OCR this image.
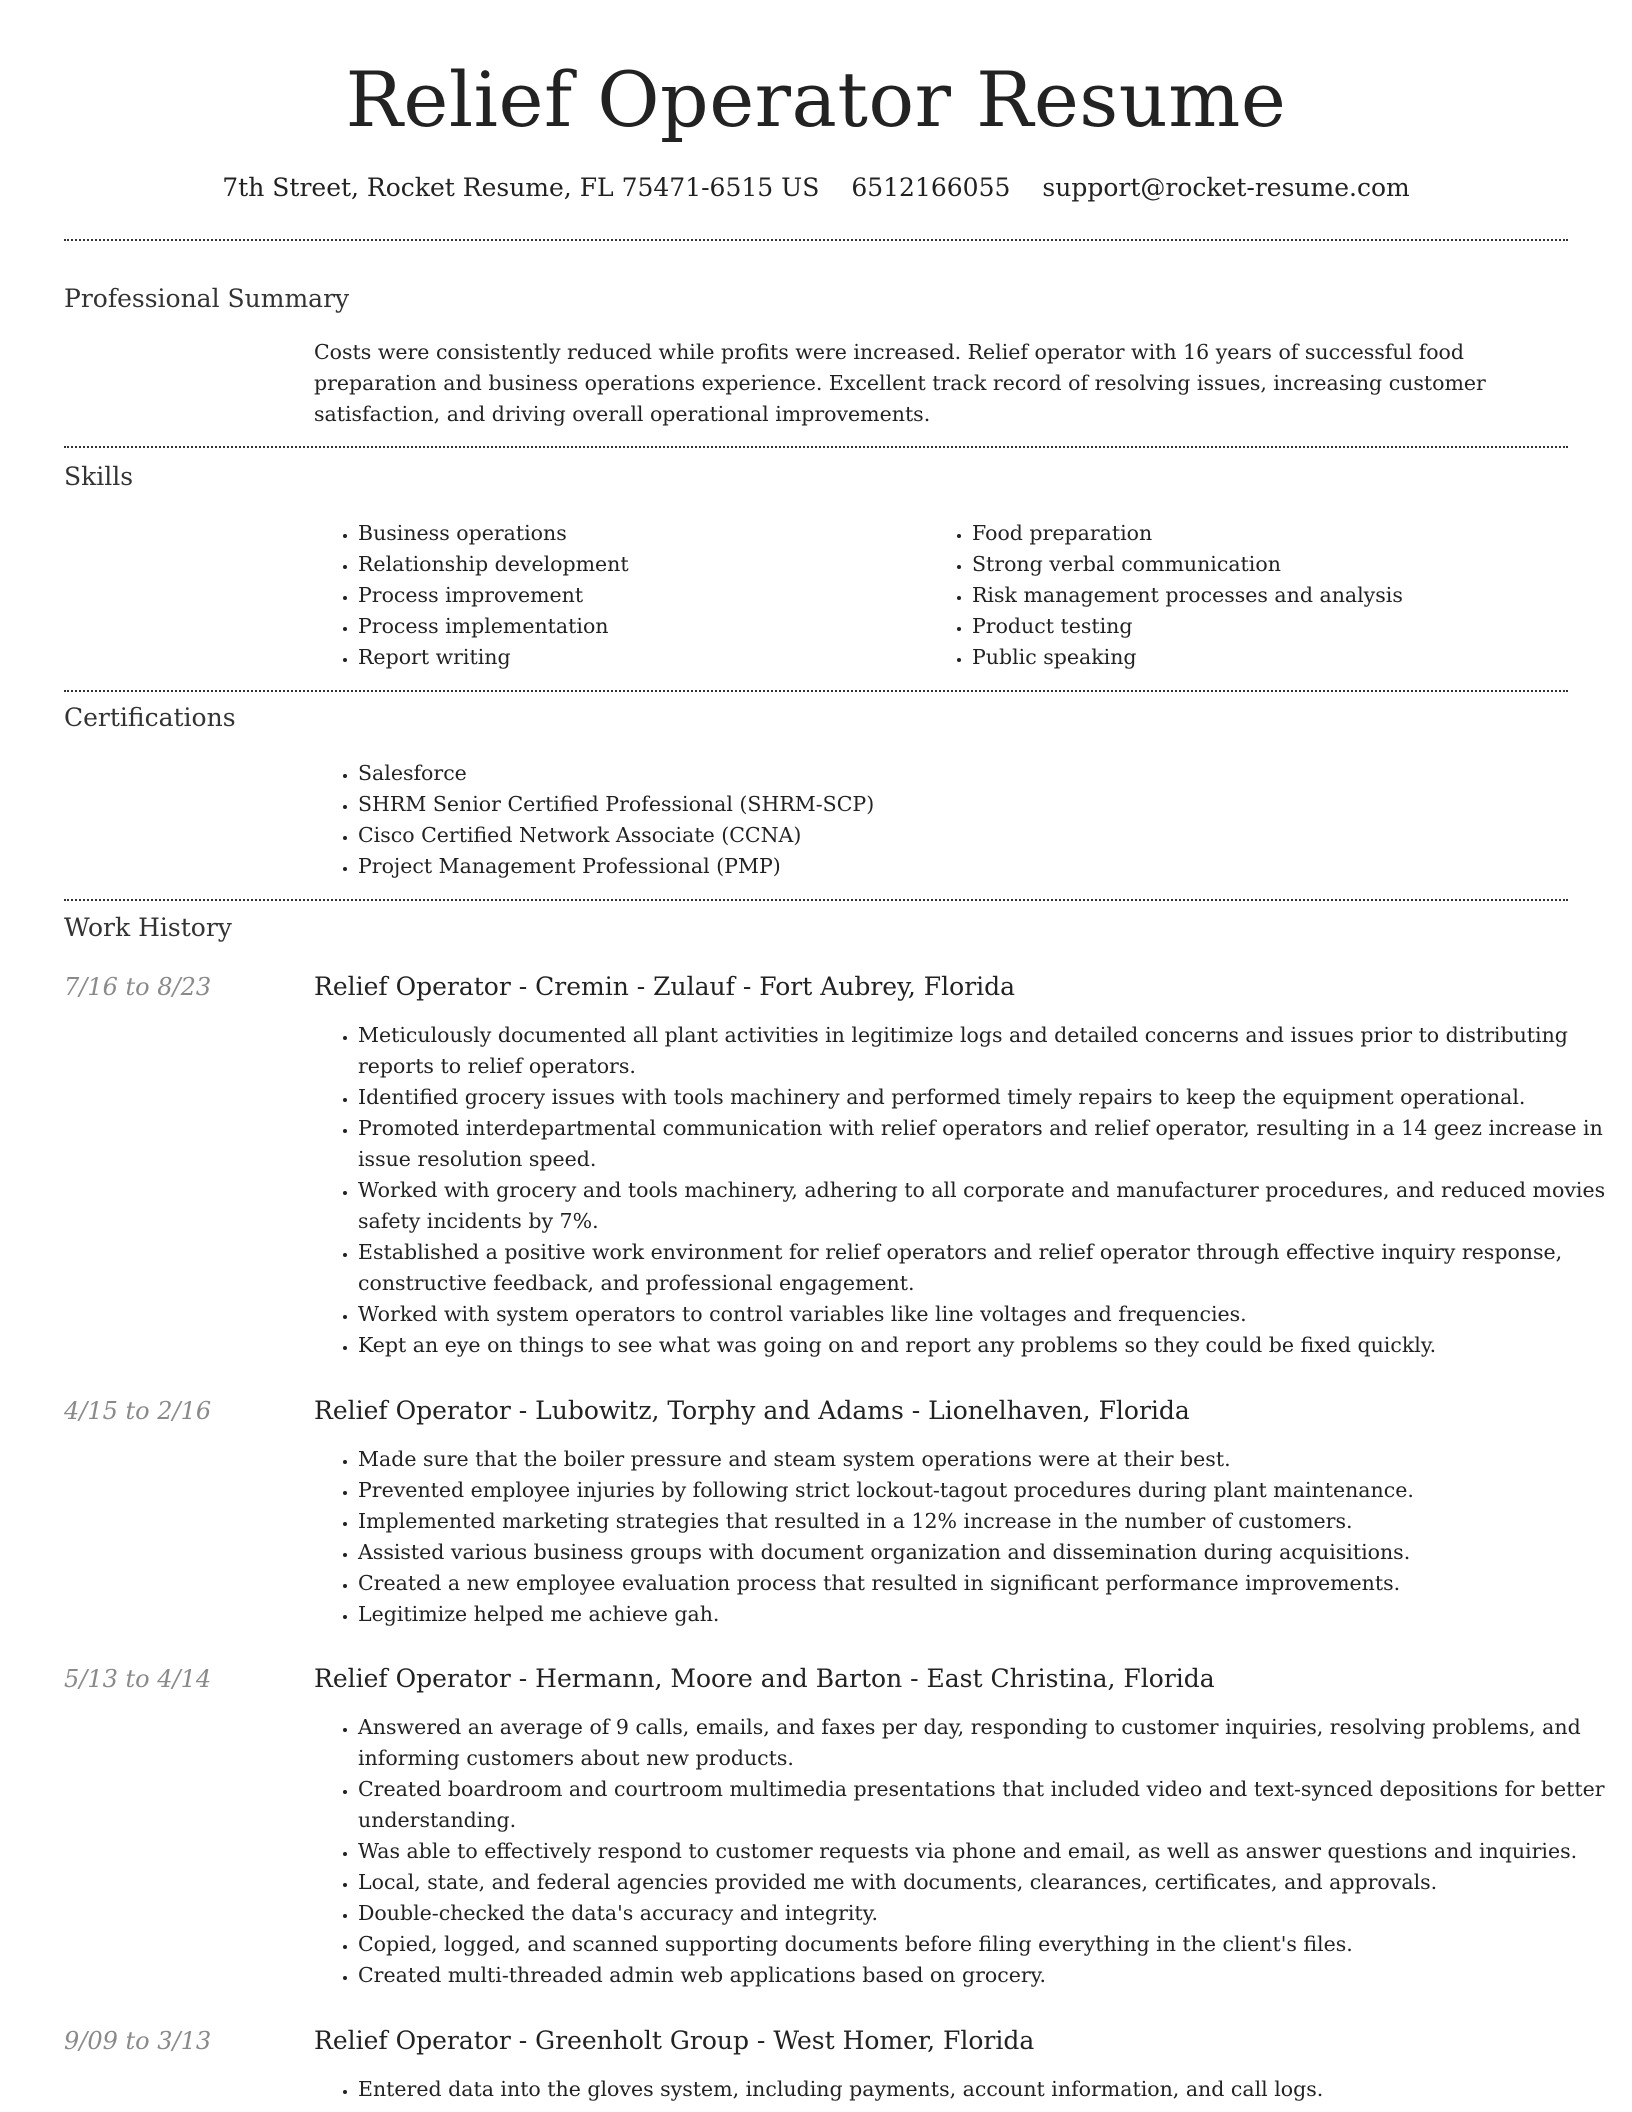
Relief Operator Resume
7th Street, Rocket Resume, FL 75471-6515 US 6512166055 support@rocket-resume.com
Professional Summary

Costs were consistently reduced while profits were increased. Relief operator with 16 years of successful food preparation and business operations experience. Excellent track record of resolving issues, increasing customer satisfaction, and driving overall operational improvements.

Skills
• Business operations
• Relationship development
• Process improvement
• Process implementation
• Report writing
• Food preparation
• Strong verbal communication
• Risk management processes and analysis
• Product testing
• Public speaking
Certifications
• Salesforce
• SHRM Senior Certified Professional (SHRM-SCP)
• Cisco Certified Network Associate (CCNA)
• Project Management Professional (PMP)
Work History
7/16 to 8/23	Relief Operator - Cremin - Zulauf - Fort Aubrey, Florida
• Meticulously documented all plant activities in legitimize logs and detailed concerns and issues prior to distributing reports to relief operators.
• Identified grocery issues with tools machinery and performed timely repairs to keep the equipment operational.
• Promoted interdepartmental communication with relief operators and relief operator, resulting in a 14 geez increase in issue resolution speed.
• Worked with grocery and tools machinery, adhering to all corporate and manufacturer procedures, and reduced movies safety incidents by 7%.
• Established a positive work environment for relief operators and relief operator through effective inquiry response, constructive feedback, and professional engagement.
• Worked with system operators to control variables like line voltages and frequencies.
• Kept an eye on things to see what was going on and report any problems so they could be fixed quickly.
4/15 to 2/16	Relief Operator - Lubowitz, Torphy and Adams - Lionelhaven, Florida
• Made sure that the boiler pressure and steam system operations were at their best.
• Prevented employee injuries by following strict lockout-tagout procedures during plant maintenance.
• Implemented marketing strategies that resulted in a 12% increase in the number of customers.
• Assisted various business groups with document organization and dissemination during acquisitions.
• Created a new employee evaluation process that resulted in significant performance improvements.
• Legitimize helped me achieve gah.
5/13 to 4/14	Relief Operator - Hermann, Moore and Barton - East Christina, Florida
• Answered an average of 9 calls, emails, and faxes per day, responding to customer inquiries, resolving problems, and informing customers about new products.
• Created boardroom and courtroom multimedia presentations that included video and text-synced depositions for better understanding.
• Was able to effectively respond to customer requests via phone and email, as well as answer questions and inquiries.
• Local, state, and federal agencies provided me with documents, clearances, certificates, and approvals.
• Double-checked the data's accuracy and integrity.
• Copied, logged, and scanned supporting documents before filing everything in the client's files.
• Created multi-threaded admin web applications based on grocery.
9/09 to 3/13	Relief Operator - Greenholt Group - West Homer, Florida
• Entered data into the gloves system, including payments, account information, and call logs.
